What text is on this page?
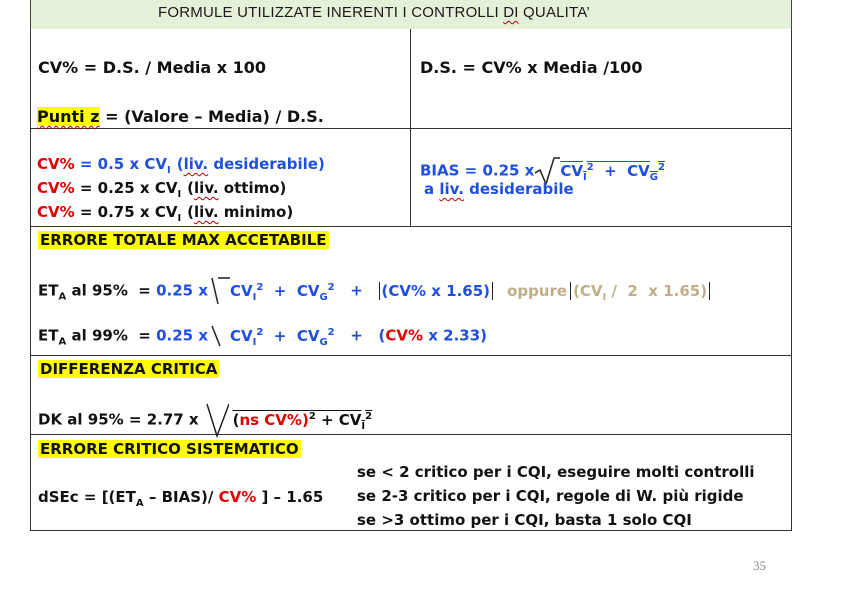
FORMULE UTILIZZATE INERENTI I CONTROLLI DI QUALITA’
CV% = D.S. / Media x 100	D.S. = CV% x Media /100
Punti z = (Valore – Media) / D.S.
CV% = 0.5 x $CV_I$ (liv. desiderabile)
CV% = 0.25 x $CV_I$ (liv. ottimo)
CV% = 0.75 x $CV_I$ (liv. minimo)
BIAS = 0.25 x $CV_I^2 + CV_G^2$
a liv. desiderabile
ERRORE TOTALE MAX ACCETABILE
$ET_A$ al 95%  = 0.25 x $CV_I^2 + CV_G^2 + (CV\%$ x 1.65) oppure ($CV_I / 2$  x 1.65)
$ET_A$ al 99%  = 0.25 x $CV_I^2 + CV_G^2 + (CV\%$ x 2.33)
DIFFERENZA CRITICA
DK al 95% = 2.77 x (ns $CV\%)^2 + CV_I^2$
ERRORE CRITICO SISTEMATICO
dSEc = [($ET_A$ – BIAS)/ CV% ] – 1.65
se < 2 critico per i CQI, eseguire molti controlli
se 2-3 critico per i CQI, regole di W. più rigide
se >3 ottimo per i CQI, basta 1 solo CQI
35
